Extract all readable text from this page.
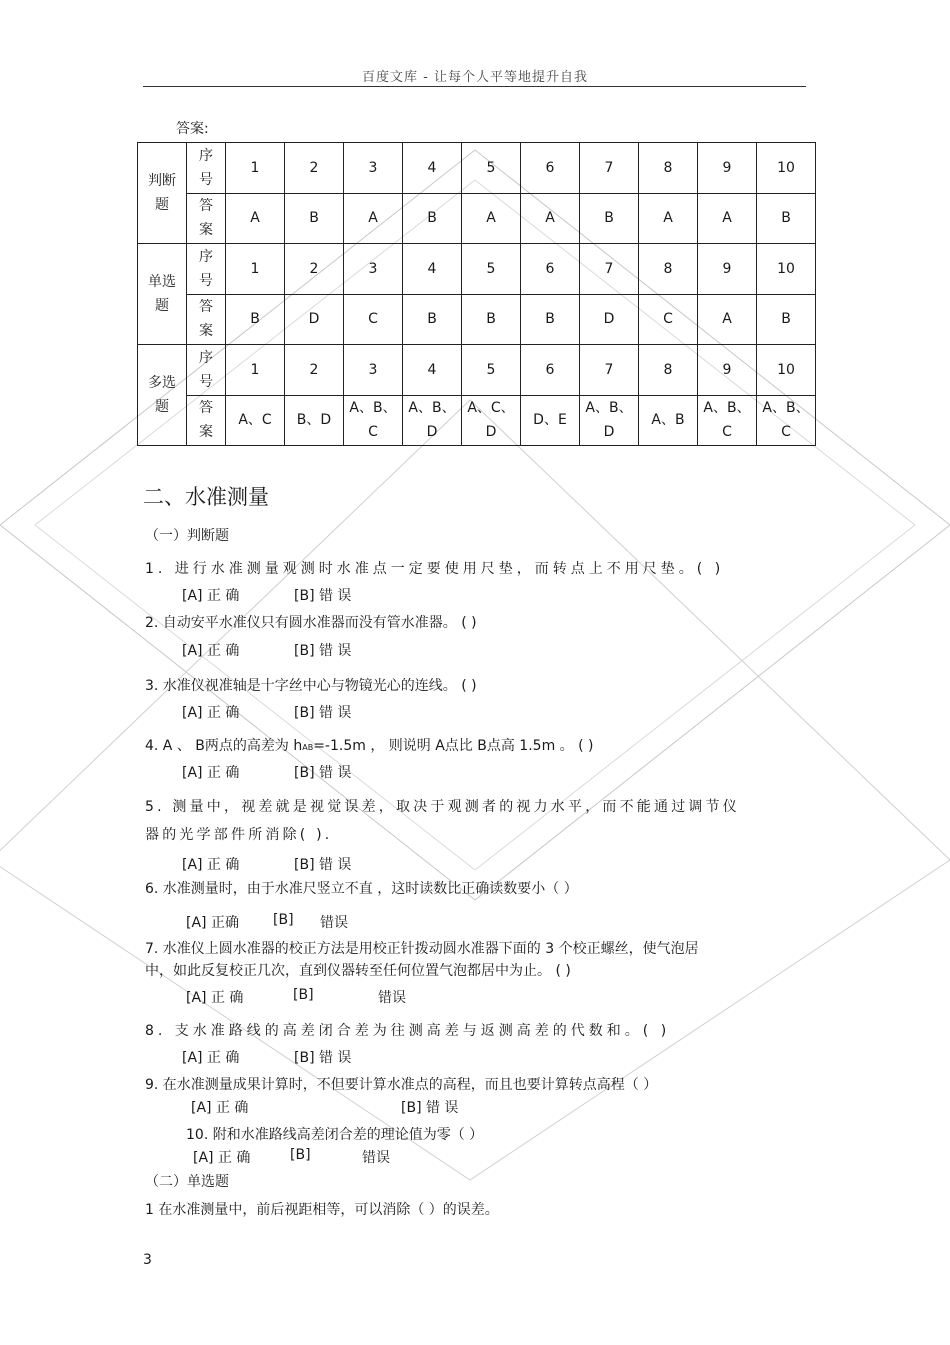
百度文库 - 让每个人平等地提升自我
答案:
判断题	序号	1	2	3	4	5	6	7	8	9	10
	答案	A	B	A	B	A	A	B	A	A	B
单选题	序号	1	2	3	4	5	6	7	8	9	10
	答案	B	D	C	B	B	B	D	C	A	B
多选题	序号	1	2	3	4	5	6	7	8	9	10
	答案	A、C	B、D	A、B、C	A、B、D	A、C、D	D、E	A、B、D	A、B	A、B、C	A、B、C
二、水准测量
（一）判断题
1. 进行水准测量观测时水准点一定要使用尺垫，而转点上不用尺垫。( )
[A] 正 确	[B] 错 误
2. 自动安平水准仪只有圆水准器而没有管水准器。 ( )
[A] 正 确	[B] 错 误
3. 水准仪视准轴是十字丝中心与物镜光心的连线。 ( )
[A] 正 确	[B] 错 误
4. A 、 B两点的高差为 hAB=-1.5m ， 则说明 A点比 B点高 1.5m 。 ( )
[A] 正 确	[B] 错 误
5. 测量中，视差就是视觉误差，取决于观测者的视力水平，而不能通过调节仪
器的光学部件所消除( ).
[A] 正 确	[B] 错 误
6. 水准测量时，由于水准尺竖立不直 ，这时读数比正确读数要小（ ）
[A] 正确 [B] 错误
7. 水准仪上圆水准器的校正方法是用校正针拨动圆水准器下面的 3 个校正螺丝，使气泡居
中，如此反复校正几次，直到仪器转至任何位置气泡都居中为止。 ( )
[A] 正 确	[B]	错误
8. 支水准路线的高差闭合差为往测高差与返测高差的代数和。( )
[A] 正 确	[B] 错 误
9. 在水准测量成果计算时，不但要计算水准点的高程，而且也要计算转点高程（ ）
[A] 正 确	[B] 错 误
10. 附和水准路线高差闭合差的理论值为零（ ）
[A] 正 确	[B]	错误
（二）单选题
1 在水准测量中，前后视距相等，可以消除（ ）的误差。
3
